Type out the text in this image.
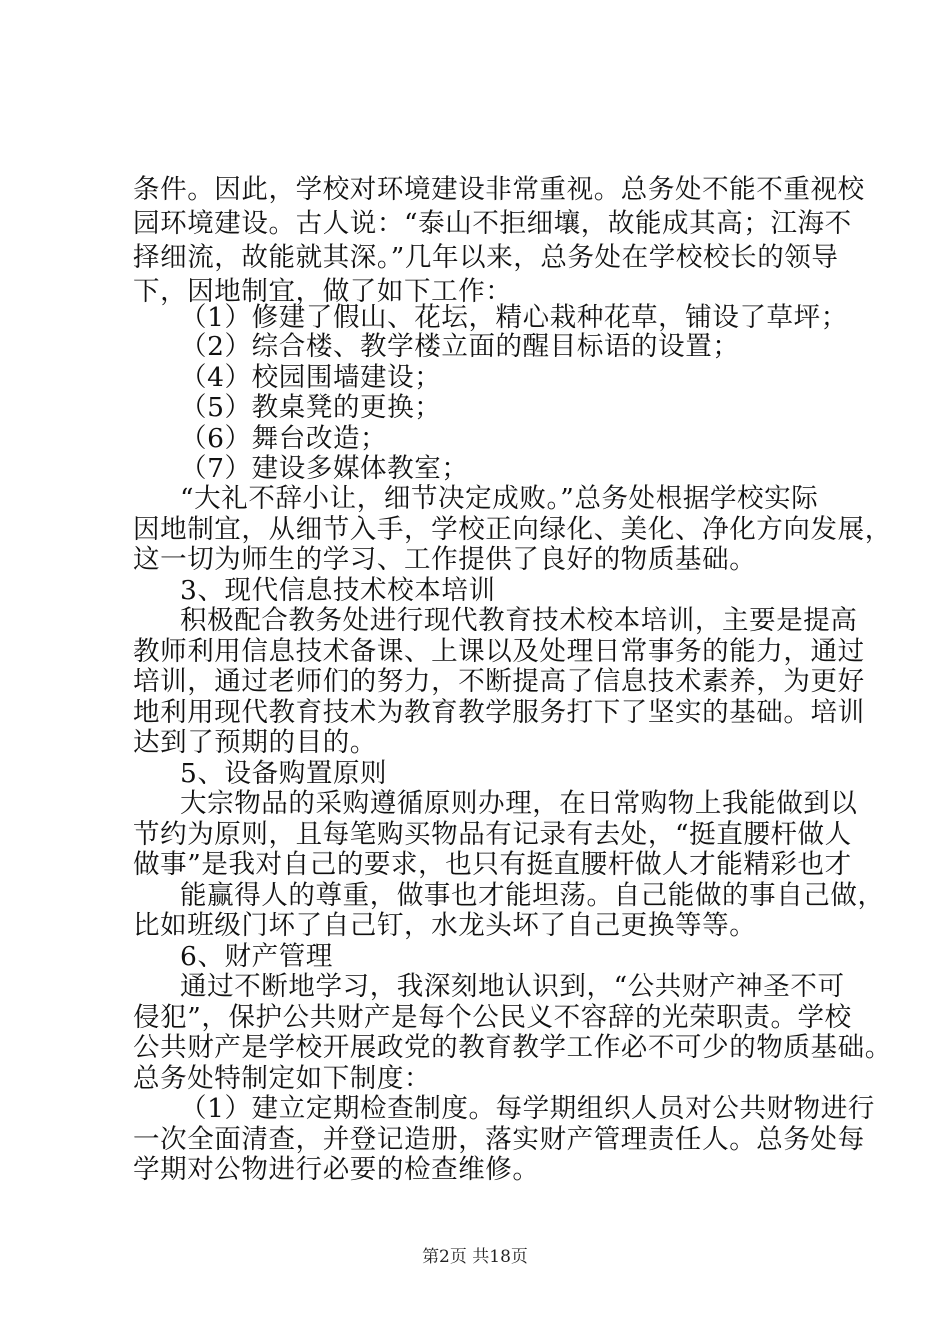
条件。因此，学校对环境建设非常重视。总务处不能不重视校
园环境建设。古人说：“泰山不拒细壤，故能成其高；江海不
择细流，故能就其深。”几年以来，总务处在学校校长的领导
下，因地制宜，做了如下工作：
（1）修建了假山、花坛，精心栽种花草，铺设了草坪；
（2）综合楼、教学楼立面的醒目标语的设置；
（4）校园围墙建设；
（5）教桌凳的更换；
（6）舞台改造；
（7）建设多媒体教室；
“大礼不辞小让，细节决定成败。”总务处根据学校实际
因地制宜，从细节入手，学校正向绿化、美化、净化方向发展，
这一切为师生的学习、工作提供了良好的物质基础。
3、现代信息技术校本培训
积极配合教务处进行现代教育技术校本培训，主要是提高
教师利用信息技术备课、上课以及处理日常事务的能力，通过
培训，通过老师们的努力，不断提高了信息技术素养，为更好
地利用现代教育技术为教育教学服务打下了坚实的基础。培训
达到了预期的目的。
5、设备购置原则
大宗物品的采购遵循原则办理，在日常购物上我能做到以
节约为原则，且每笔购买物品有记录有去处，“挺直腰杆做人
做事”是我对自己的要求，也只有挺直腰杆做人才能精彩也才
能赢得人的尊重，做事也才能坦荡。自己能做的事自己做，
比如班级门坏了自己钉，水龙头坏了自己更换等等。
6、财产管理
通过不断地学习，我深刻地认识到，“公共财产神圣不可
侵犯”，保护公共财产是每个公民义不容辞的光荣职责。学校
公共财产是学校开展政党的教育教学工作必不可少的物质基础。
总务处特制定如下制度：
（1）建立定期检查制度。每学期组织人员对公共财物进行
一次全面清查，并登记造册，落实财产管理责任人。总务处每
学期对公物进行必要的检查维修。
第2页 共18页
